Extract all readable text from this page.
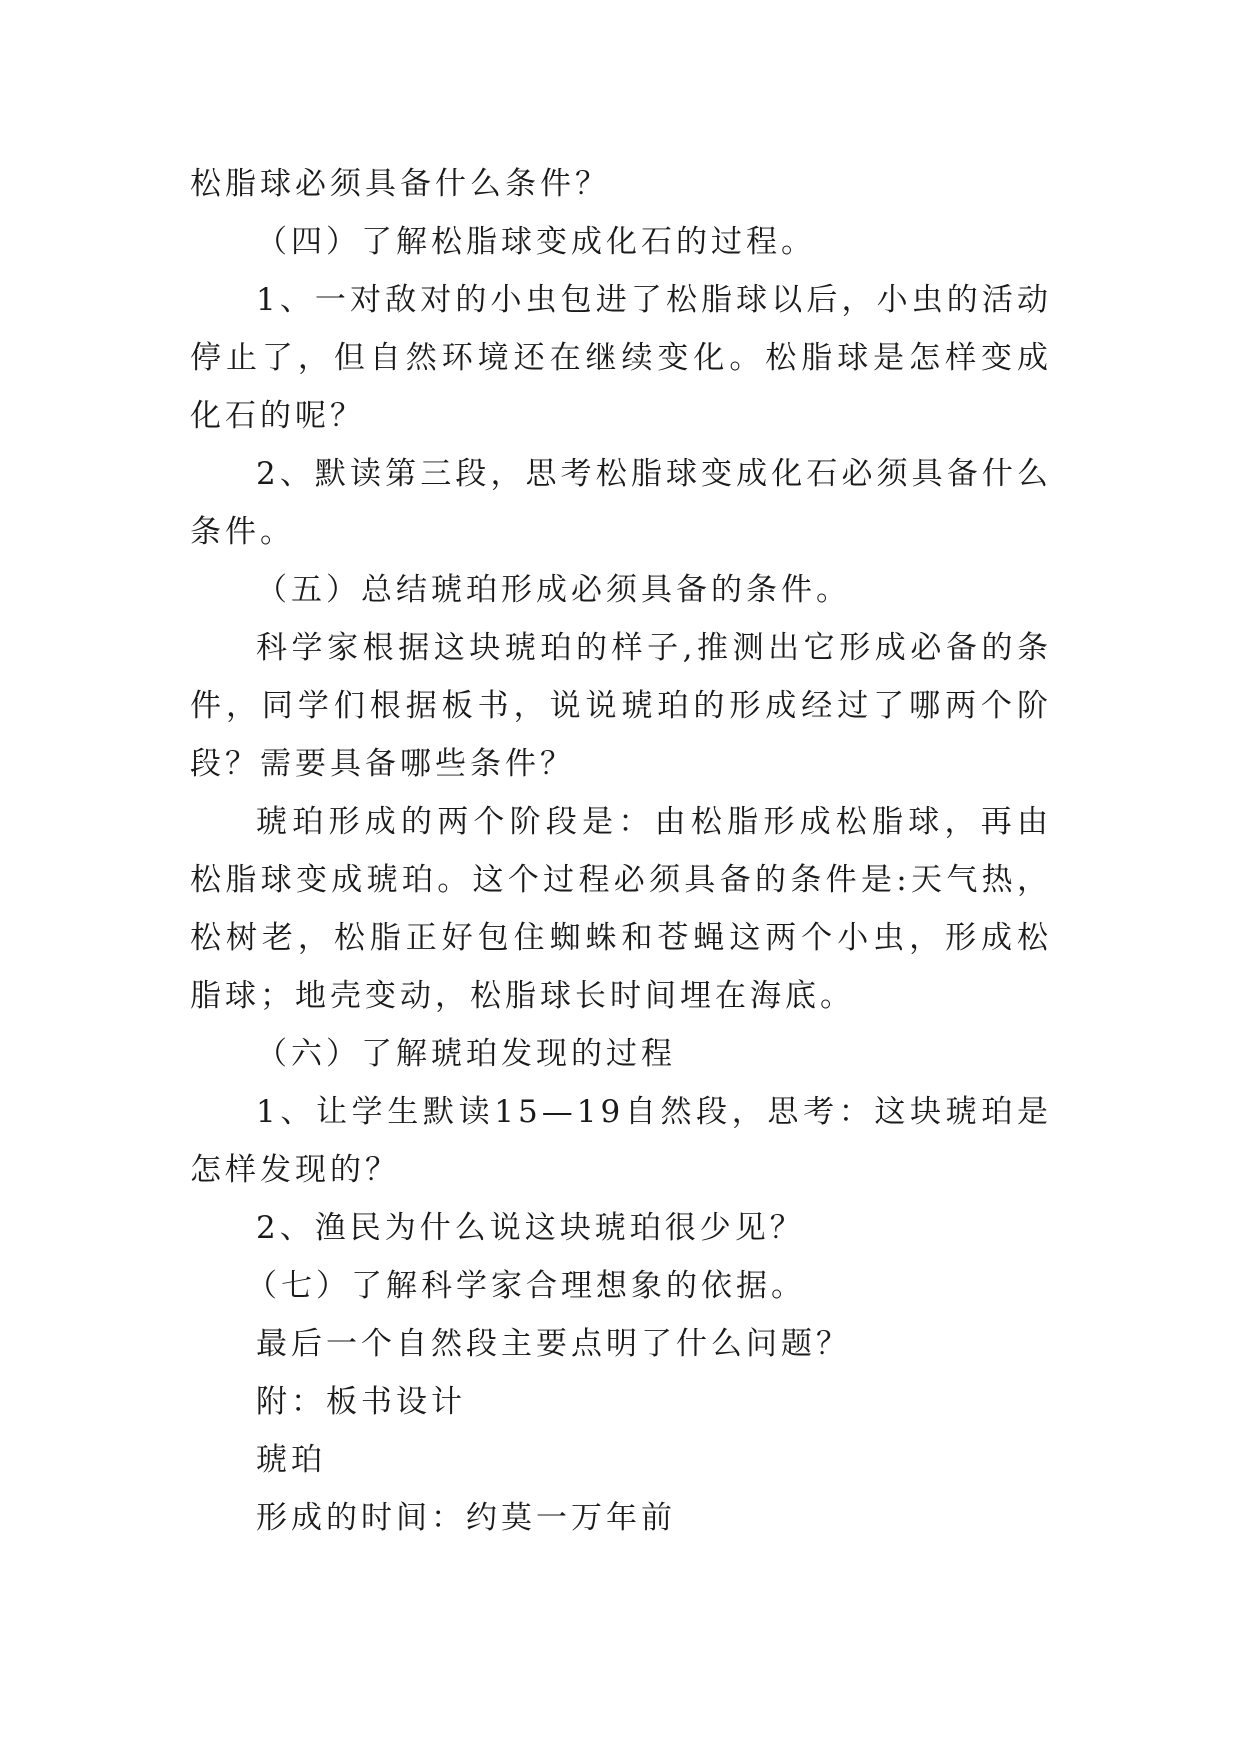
松脂球必须具备什么条件？

（四）了解松脂球变成化石的过程。

1、一对敌对的小虫包进了松脂球以后，小虫的活动停止了，但自然环境还在继续变化。松脂球是怎样变成化石的呢？

2、默读第三段，思考松脂球变成化石必须具备什么条件。

（五）总结琥珀形成必须具备的条件。

科学家根据这块琥珀的样子,推测出它形成必备的条件，同学们根据板书，说说琥珀的形成经过了哪两个阶段？需要具备哪些条件？

琥珀形成的两个阶段是：由松脂形成松脂球，再由松脂球变成琥珀。这个过程必须具备的条件是:天气热，松树老，松脂正好包住蜘蛛和苍蝇这两个小虫，形成松脂球；地壳变动，松脂球长时间埋在海底。

（六）了解琥珀发现的过程

1、让学生默读15—19自然段，思考：这块琥珀是怎样发现的？

2、渔民为什么说这块琥珀很少见？

（七）了解科学家合理想象的依据。

最后一个自然段主要点明了什么问题？

附：板书设计

琥珀

形成的时间：约莫一万年前
